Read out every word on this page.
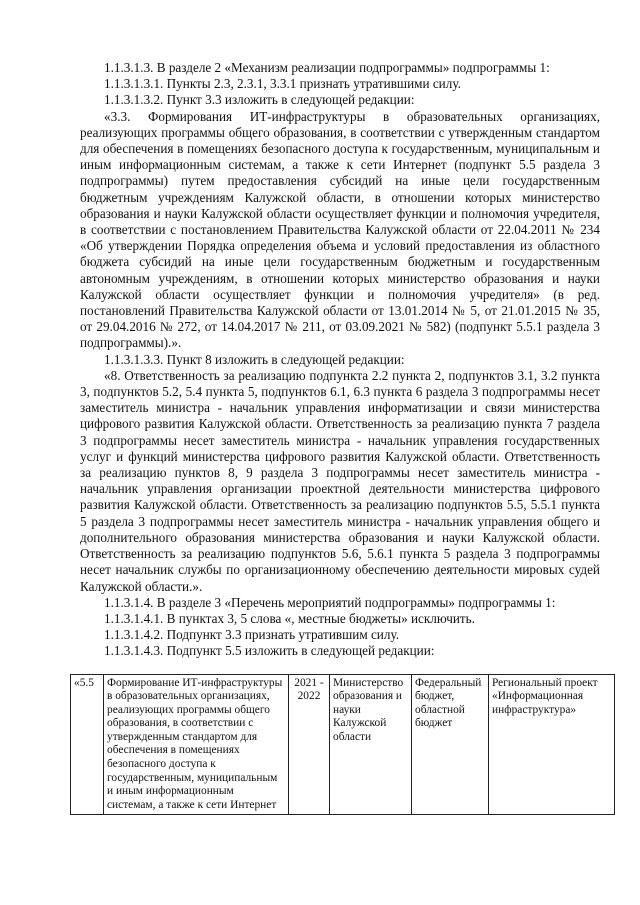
1.1.3.1.3. В разделе 2 «Механизм реализации подпрограммы» подпрограммы 1:

1.1.3.1.3.1. Пункты 2.3, 2.3.1, 3.3.1 признать утратившими силу.

1.1.3.1.3.2. Пункт 3.3 изложить в следующей редакции:

«3.3. Формирования ИТ-инфраструктуры в образовательных организациях, реализующих программы общего образования, в соответствии с утвержденным стандартом для обеспечения в помещениях безопасного доступа к государственным, муниципальным и иным информационным системам, а также к сети Интернет (подпункт 5.5 раздела 3 подпрограммы) путем предоставления субсидий на иные цели государственным бюджетным учреждениям Калужской области, в отношении которых министерство образования и науки Калужской области осуществляет функции и полномочия учредителя, в соответствии с постановлением Правительства Калужской области от 22.04.2011 № 234 «Об утверждении Порядка определения объема и условий предоставления из областного бюджета субсидий на иные цели государственным бюджетным и государственным автономным учреждениям, в отношении которых министерство образования и науки Калужской области осуществляет функции и полномочия учредителя» (в ред. постановлений Правительства Калужской области от 13.01.2014 № 5, от 21.01.2015 № 35, от 29.04.2016 № 272, от 14.04.2017 № 211, от 03.09.2021 № 582) (подпункт 5.5.1 раздела 3 подпрограммы).».

1.1.3.1.3.3. Пункт 8 изложить в следующей редакции:

«8. Ответственность за реализацию подпункта 2.2 пункта 2, подпунктов 3.1, 3.2 пункта 3, подпунктов 5.2, 5.4 пункта 5, подпунктов 6.1, 6.3 пункта 6 раздела 3 подпрограммы несет заместитель министра - начальник управления информатизации и связи министерства цифрового развития Калужской области. Ответственность за реализацию пункта 7 раздела 3 подпрограммы несет заместитель министра - начальник управления государственных услуг и функций министерства цифрового развития Калужской области. Ответственность за реализацию пунктов 8, 9 раздела 3 подпрограммы несет заместитель министра - начальник управления организации проектной деятельности министерства цифрового развития Калужской области. Ответственность за реализацию подпунктов 5.5, 5.5.1 пункта 5 раздела 3 подпрограммы несет заместитель министра - начальник управления общего и дополнительного образования министерства образования и науки Калужской области. Ответственность за реализацию подпунктов 5.6, 5.6.1 пункта 5 раздела 3 подпрограммы несет начальник службы по организационному обеспечению деятельности мировых судей Калужской области.».

1.1.3.1.4. В разделе 3 «Перечень мероприятий подпрограммы» подпрограммы 1:

1.1.3.1.4.1. В пунктах 3, 5 слова «, местные бюджеты» исключить.

1.1.3.1.4.2. Подпункт 3.3 признать утратившим силу.

1.1.3.1.4.3. Подпункт 5.5 изложить в следующей редакции:

«5.5	Формирование ИТ-инфраструктуры в образовательных организациях, реализующих программы общего образования, в соответствии с утвержденным стандартом для обеспечения в помещениях безопасного доступа к государственным, муниципальным и иным информационным системам, а также к сети Интернет	2021 - 2022	Министерство образования и науки Калужской области	Федеральный бюджет, областной бюджет	Региональный проект «Информационная инфраструктура»
